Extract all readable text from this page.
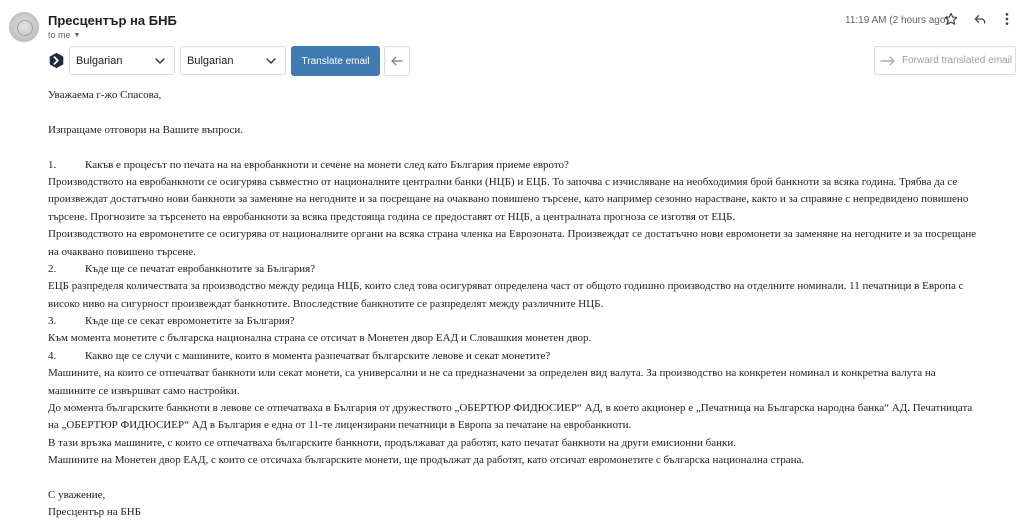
Пресцентър на БНБ
to me ▼
11:19 AM (2 hours ago)
Bulgarian	Bulgarian	Translate email	Forward translated email
Уважаема г-жо Спасова,
Изпращаме отговори на Вашите въпроси.
1.	Какъв е процесът по печата на на евробанкноти и сечене на монети след като България приеме еврото?
Производството на евробанкноти се осигурява съвместно от националните централни банки (НЦБ) и ЕЦБ. То започва с изчисляване на необходимия брой банкноти за всяка година. Трябва да се
произвеждат достатъчно нови банкноти за заменяне на негодните и за посрещане на очаквано повишено търсене, като например сезонно нарастване, както и за справяне с непредвидено повишено
търсене. Прогнозите за търсенето на евробанкноти за всяка предстояща година се предоставят от НЦБ, а централната прогноза се изготвя от ЕЦБ.
Производството на евромонетите се осигурява от националните органи на всяка страна членка на Еврозоната. Произвеждат се достатъчно нови евромонети за заменяне на негодните и за посрещане
на очаквано повишено търсене.
2.	Къде ще се печатат евробанкнотите за България?
ЕЦБ разпределя количествата за производство между редица НЦБ, които след това осигуряват определена част от общото годишно производство на отделните номинали. 11 печатници в Европа с
високо ниво на сигурност произвеждат банкнотите. Впоследствие банкнотите се разпределят между различните НЦБ.
3.	Къде ще се секат евромонетите за България?
Към момента монетите с българска национална страна се отсичат в Монетен двор ЕАД и Словашкия монетен двор.
4.	Какво ще се случи с машините, които в момента разпечатват българските левове и секат монетите?
Машините, на които се отпечатват банкноти или секат монети, са универсални и не са предназначени за определен вид валута. За производство на конкретен номинал и конкретна валута на
машините се извършват само настройки.
До момента българските банкноти в левове се отпечатваха в България от дружеството „ОБЕРТЮР ФИДЮСИЕР“ АД, в което акционер е „Печатница на Българска народна банка“ АД. Печатницата
на „ОБЕРТЮР ФИДЮСИЕР“ АД в България е една от 11-те лицензирани печатници в Европа за печатане на евробанкноти.
В тази връзка машините, с които се отпечатваха българските банкноти, продължават да работят, като печатат банкноти на други емисионни банки.
Машините на Монетен двор ЕАД, с които се отсичаха българските монети, ще продължат да работят, като отсичат евромонетите с българска национална страна.
С уважение,
Пресцентър на БНБ
